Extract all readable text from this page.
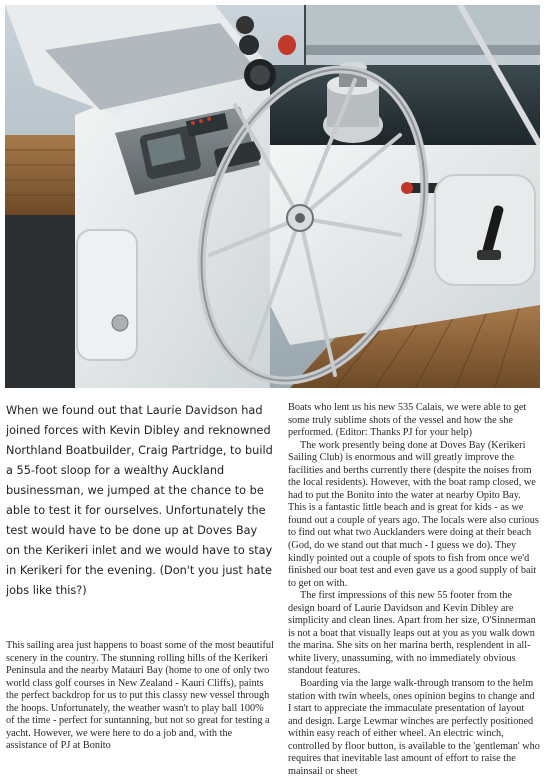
When we found out that Laurie Davidson had joined forces with Kevin Dibley and reknowned Northland Boatbuilder, Craig Partridge, to build a 55-foot sloop for a wealthy Auckland businessman, we jumped at the chance to be able to test it for ourselves. Unfortunately the test would have to be done up at Doves Bay on the Kerikeri inlet and we would have to stay in Kerikeri for the evening. (Don't you just hate jobs like this?)

This sailing area just happens to boast some of the most beautiful scenery in the country. The stunning rolling hills of the Kerikeri Peninsula and the nearby Matauri Bay (home to one of only two world class golf courses in New Zealand - Kauri Cliffs), paints the perfect backdrop for us to put this classy new vessel through the hoops. Unfortunately, the weather wasn't to play ball 100% of the time - perfect for suntanning, but not so great for testing a yacht. However, we were here to do a job and, with the assistance of PJ at Bonito

Boats who lent us his new 535 Calais, we were able to get some truly sublime shots of the vessel and how the she performed. (Editor: Thanks PJ for your help)

The work presently being done at Doves Bay (Kerikeri Sailing Club) is enormous and will greatly improve the facilities and berths currently there (despite the noises from the local residents). However, with the boat ramp closed, we had to put the Bonito into the water at nearby Opito Bay. This is a fantastic little beach and is great for kids - as we found out a couple of years ago. The locals were also curious to find out what two Aucklanders were doing at their beach (God, do we stand out that much - I guess we do). They kindly pointed out a couple of spots to fish from once we'd finished our boat test and even gave us a good supply of bait to get on with.

The first impressions of this new 55 footer from the design board of Laurie Davidson and Kevin Dibley are simplicity and clean lines. Apart from her size, O'Sinnerman is not a boat that visually leaps out at you as you walk down the marina. She sits on her marina berth, resplendent in all-white livery, unassuming, with no immediately obvious standout features.

Boarding via the large walk-through transom to the helm station with twin wheels, ones opinion begins to change and I start to appreciate the immaculate presentation of layout and design. Large Lewmar winches are perfectly positioned within easy reach of either wheel. An electric winch, controlled by floor button, is available to the 'gentleman' who requires that inevitable last amount of effort to raise the mainsail or sheet
